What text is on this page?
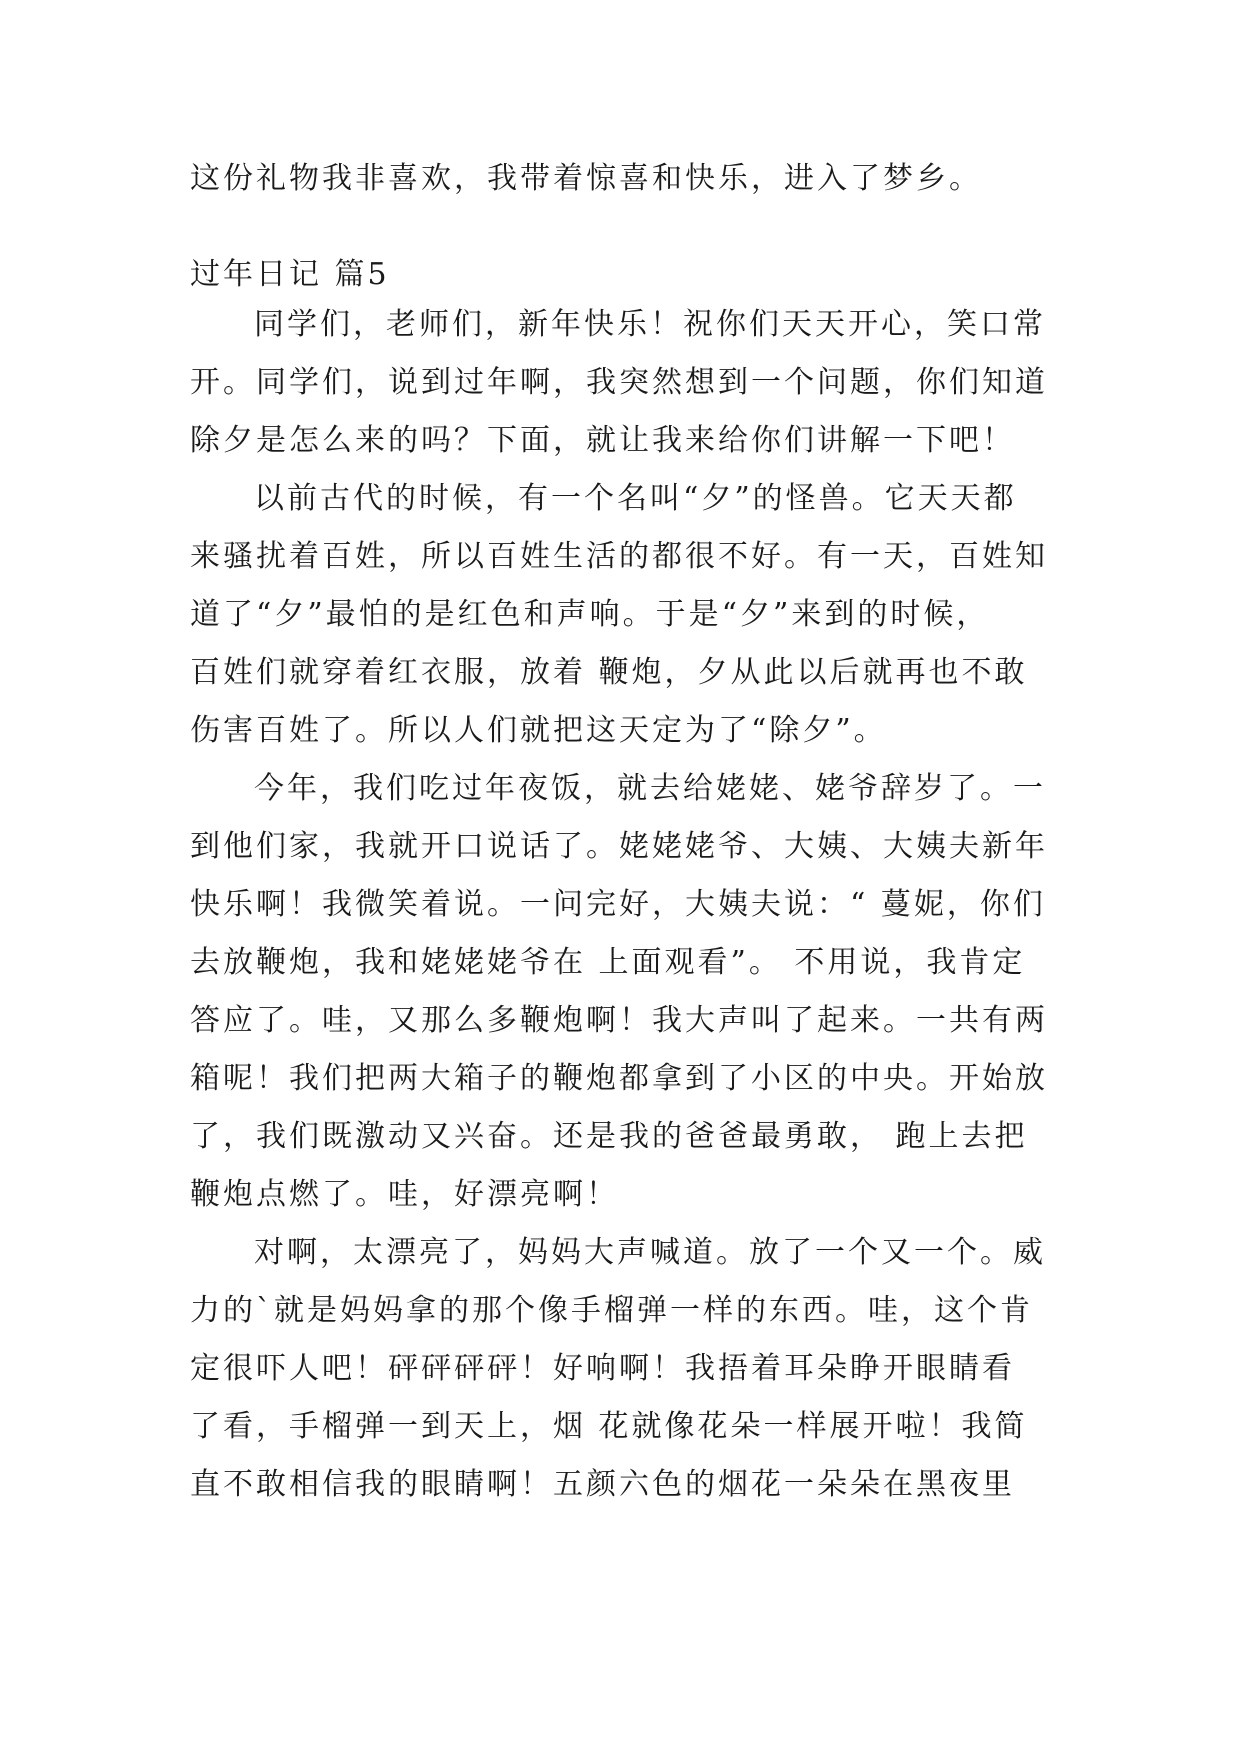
这份礼物我非喜欢，我带着惊喜和快乐，进入了梦乡。
过年日记 篇5
同学们，老师们，新年快乐！祝你们天天开心，笑口常
开。同学们，说到过年啊，我突然想到一个问题，你们知道
除夕是怎么来的吗？下面，就让我来给你们讲解一下吧！
以前古代的时候，有一个名叫“夕”的怪兽。它天天都
来骚扰着百姓，所以百姓生活的都很不好。有一天，百姓知
道了“夕”最怕的是红色和声响。于是“夕”来到的时候，
百姓们就穿着红衣服，放着 鞭炮，夕从此以后就再也不敢
伤害百姓了。所以人们就把这天定为了“除夕”。
今年，我们吃过年夜饭，就去给姥姥、姥爷辞岁了。一
到他们家，我就开口说话了。姥姥姥爷、大姨、大姨夫新年
快乐啊！我微笑着说。一问完好，大姨夫说：“ 蔓妮，你们
去放鞭炮，我和姥姥姥爷在 上面观看”。 不用说，我肯定
答应了。哇，又那么多鞭炮啊！我大声叫了起来。一共有两
箱呢！我们把两大箱子的鞭炮都拿到了小区的中央。开始放
了，我们既激动又兴奋。还是我的爸爸最勇敢， 跑上去把
鞭炮点燃了。哇，好漂亮啊！
对啊，太漂亮了，妈妈大声喊道。放了一个又一个。威
力的`就是妈妈拿的那个像手榴弹一样的东西。哇，这个肯
定很吓人吧！砰砰砰砰！好响啊！我捂着耳朵睁开眼睛看
了看，手榴弹一到天上，烟 花就像花朵一样展开啦！我简
直不敢相信我的眼睛啊！五颜六色的烟花一朵朵在黑夜里
